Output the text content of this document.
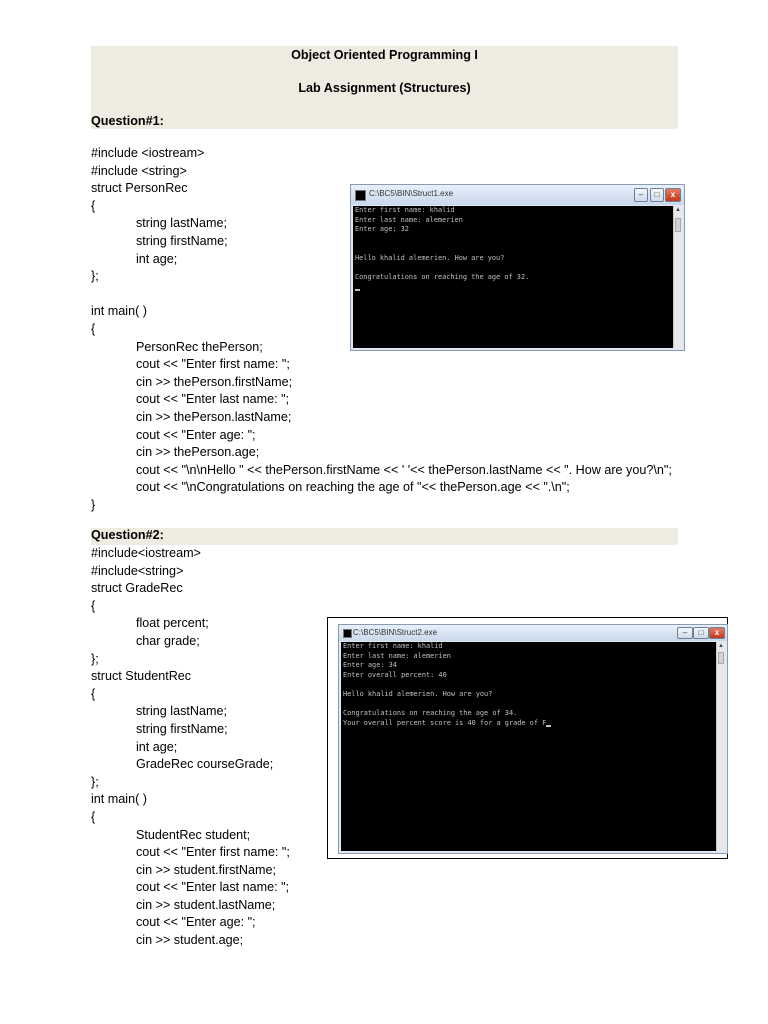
Object Oriented Programming I
Lab Assignment (Structures)
Question#1:
#include <iostream>
#include <string>
struct PersonRec
{
string lastName;
string firstName;
int age;
};
int main( )
{
PersonRec thePerson;
cout << "Enter first name: ";
cin >> thePerson.firstName;
cout << "Enter last name: ";
cin >> thePerson.lastName;
cout << "Enter age: ";
cin >> thePerson.age;
cout << "\n\nHello " << thePerson.firstName << ' '<< thePerson.lastName << ". How are you?\n";
cout << "\nCongratulations on reaching the age of "<< thePerson.age << ".\n";
}
C:\BC5\BIN\Struct1.exe	–	□	x
Enter first name: khalid
Enter last name: alemerien
Enter age: 32
Hello khalid alemerien. How are you?
Congratulations on reaching the age of 32.
▲
Question#2:
#include<iostream>
#include<string>
struct GradeRec
{
float percent;
char grade;
};
struct StudentRec
{
string lastName;
string firstName;
int age;
GradeRec courseGrade;
};
int main( )
{
StudentRec student;
cout << "Enter first name: ";
cin >> student.firstName;
cout << "Enter last name: ";
cin >> student.lastName;
cout << "Enter age: ";
cin >> student.age;
C:\BC5\BIN\Struct2.exe	–	□	x
Enter first name: khalid
Enter last name: alemerien
Enter age: 34
Enter overall percent: 40
Hello khalid alemerien. How are you?
Congratulations on reaching the age of 34.
Your overall percent score is 40 for a grade of F
▲
